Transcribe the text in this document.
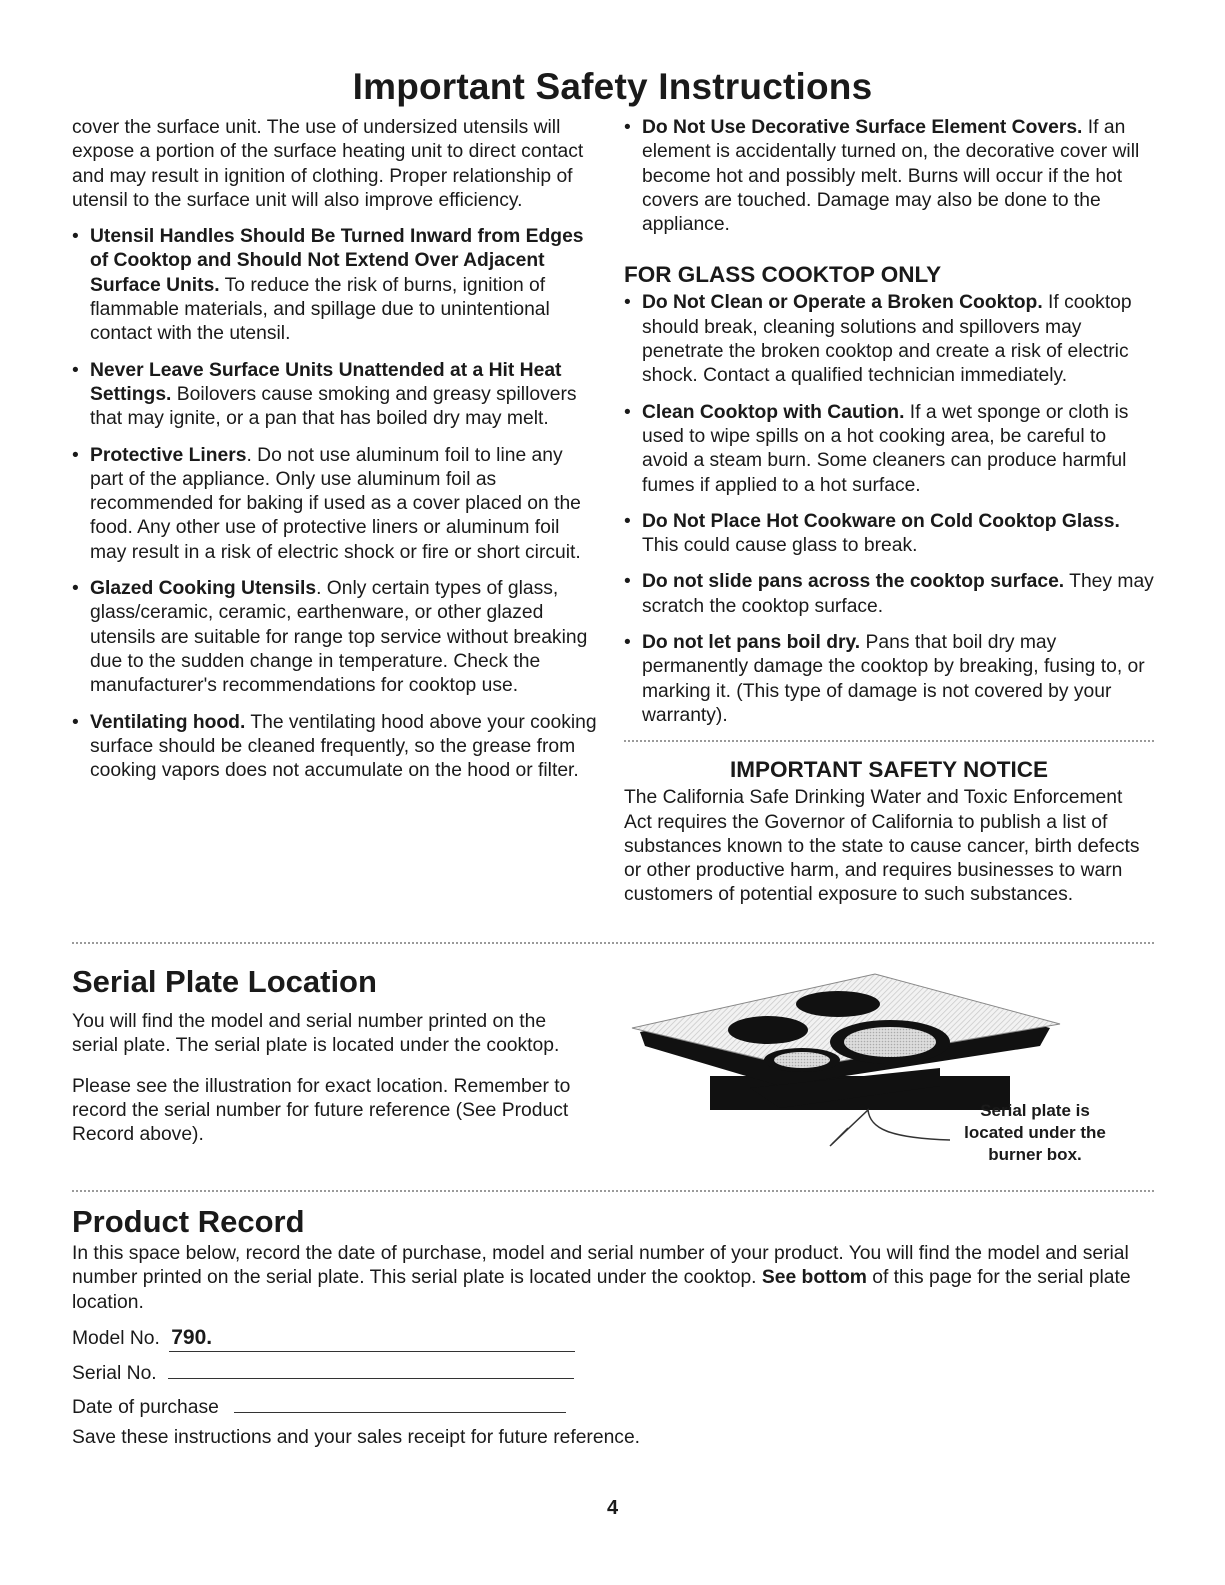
Important Safety Instructions

cover the surface unit. The use of undersized utensils will expose a portion of the surface heating unit to direct contact and may result in ignition of clothing. Proper relationship of utensil to the surface unit will also improve efficiency.

• Utensil Handles Should Be Turned Inward from Edges of Cooktop and Should Not Extend Over Adjacent Surface Units. To reduce the risk of burns, ignition of flammable materials, and spillage due to unintentional contact with the utensil.
• Never Leave Surface Units Unattended at a Hit Heat Settings. Boilovers cause smoking and greasy spillovers that may ignite, or a pan that has boiled dry may melt.
• Protective Liners. Do not use aluminum foil to line any part of the appliance. Only use aluminum foil as recommended for baking if used as a cover placed on the food. Any other use of protective liners or aluminum foil may result in a risk of electric shock or fire or short circuit.
• Glazed Cooking Utensils. Only certain types of glass, glass/ceramic, ceramic, earthenware, or other glazed utensils are suitable for range top service without breaking due to the sudden change in temperature. Check the manufacturer's recommendations for cooktop use.
• Ventilating hood. The ventilating hood above your cooking surface should be cleaned frequently, so the grease from cooking vapors does not accumulate on the hood or filter.
• Do Not Use Decorative Surface Element Covers. If an element is accidentally turned on, the decorative cover will become hot and possibly melt. Burns will occur if the hot covers are touched. Damage may also be done to the appliance.
FOR GLASS COOKTOP ONLY
• Do Not Clean or Operate a Broken Cooktop. If cooktop should break, cleaning solutions and spillovers may penetrate the broken cooktop and create a risk of electric shock. Contact a qualified technician immediately.
• Clean Cooktop with Caution. If a wet sponge or cloth is used to wipe spills on a hot cooking area, be careful to avoid a steam burn. Some cleaners can produce harmful fumes if applied to a hot surface.
• Do Not Place Hot Cookware on Cold Cooktop Glass. This could cause glass to break.
• Do not slide pans across the cooktop surface. They may scratch the cooktop surface.
• Do not let pans boil dry. Pans that boil dry may permanently damage the cooktop by breaking, fusing to, or marking it. (This type of damage is not covered by your warranty).
IMPORTANT SAFETY NOTICE

The California Safe Drinking Water and Toxic Enforcement Act requires the Governor of California to publish a list of substances known to the state to cause cancer, birth defects or other productive harm, and requires businesses to warn customers of potential exposure to such substances.

Serial Plate Location

You will find the model and serial number printed on the serial plate. The serial plate is located under the cooktop.

Please see the illustration for exact location. Remember to record the serial number for future reference (See Product Record above).

Serial plate is
located under the
burner box.
Product Record

In this space below, record the date of purchase, model and serial number of your product. You will find the model and serial number printed on the serial plate. This serial plate is located under the cooktop. See bottom of this page for the serial plate location.

Model No. 790.
Serial No.
Date of purchase
Save these instructions and your sales receipt for future reference.
4
